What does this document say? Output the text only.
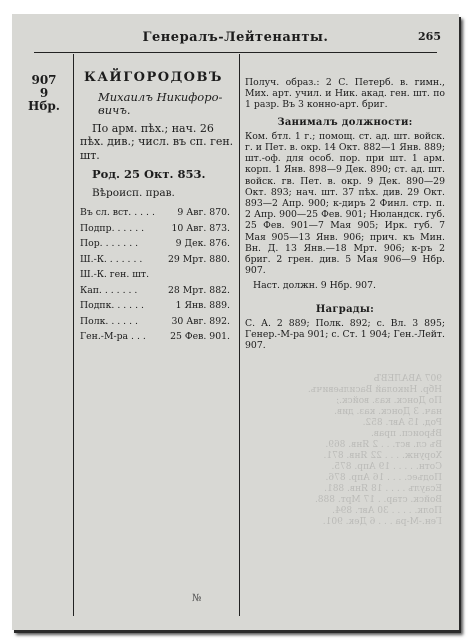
Генералъ-Лейтенанты.	265
907 АВАЛЕВЪ
Нбр. Николай Васильевичъ.
По Донск. каз. войск.;
нач. 3 Донск. каз. див.
Род. 15 Авг. 852.
Вѣроисп. прав.
Въ сл. вст. . . 2 Янв. 869.
Хорунж. . . . 22 Янв. 871.
Сотн. . . . . 19 Апр. 875.
Подъес. . . . 16 Апр. 876.
Есаулъ . . . . 18 Янв. 881.
Войск. стар. . 17 Мрт. 888.
Полк. . . . . 30 Авг. 894.
Ген.-М-ра . . . 6 Дек. 901.
907
9
Нбр.
КАЙГОРОДОВЪ
Михаилъ Никифоро-вичъ.
По арм. пѣх.; нач. 26 пѣх. див.; числ. въ сп. ген. шт.
Род. 25 Окт. 853.
Вѣроисп. прав.
Въ сл. вст. . . . .	9 Авг. 870.
Подпр. . . . . .	10 Авг. 873.
Пор. . . . . . .	9 Дек. 876.
Ш.-К. . . . . . .	29 Мрт. 880.
Ш.-К. ген. шт.	
Кап. . . . . . .	28 Мрт. 882.
Подпк. . . . . .	1 Янв. 889.
Полк. . . . . .	30 Авг. 892.
Ген.-М-ра . . .	25 Фев. 901.
Получ. образ.: 2 С. Петерб. в. гимн., Мих. арт. учил. и Ник. акад. ген. шт. по 1 разр. Въ 3 конно-арт. бриг.
Занималъ должности:
Ком. бтл. 1 г.; помощ. ст. ад. шт. войск. г. и Пет. в. окр. 14 Окт. 882—1 Янв. 889; шт.-оф. для особ. пор. при шт. 1 арм. корп. 1 Янв. 898—9 Дек. 890; ст. ад. шт. войск. гв. Пет. в. окр. 9 Дек. 890—29 Окт. 893; нач. шт. 37 пѣх. див. 29 Окт. 893—2 Апр. 900; к-диръ 2 Финл. стр. п. 2 Апр. 900—25 Фев. 901; Нюландск. губ. 25 Фев. 901—7 Мая 905; Ирк. губ. 7 Мая 905—13 Янв. 906; прич. къ Мин. Вн. Д. 13 Янв.—18 Мрт. 906; к-ръ 2 бриг. 2 грен. див. 5 Мая 906—9 Нбр. 907.
Наст. должн. 9 Нбр. 907.
Награды:
С. А. 2 889; Полк. 892; с. Вл. 3 895; Генер.-М-ра 901; с. Ст. 1 904; Ген.-Лейт. 907.
№
